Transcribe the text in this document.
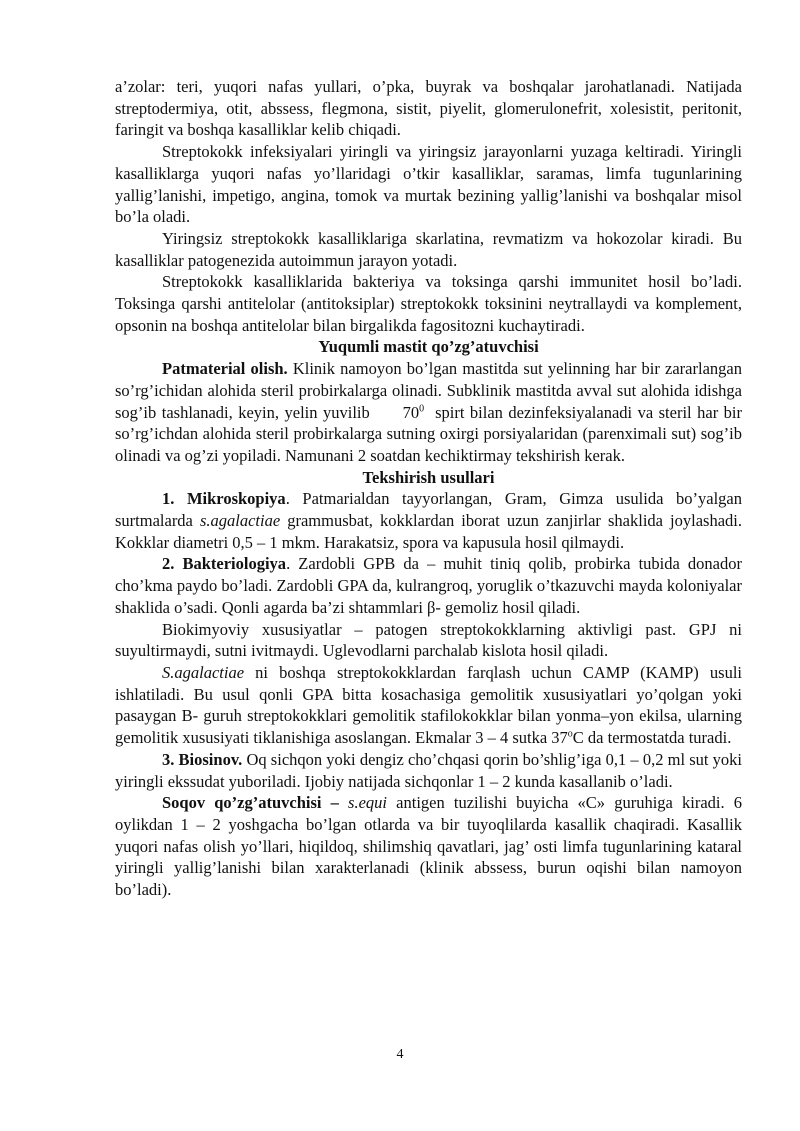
a’zolar: teri, yuqori nafas yullari, o’pka, buyrak va boshqalar jarohatlanadi. Natijada streptodermiya, otit, abssess, flegmona, sistit, piyelit, glomerulonefrit, xolesistit, peritonit, faringit va boshqa kasalliklar kelib chiqadi.

Streptokokk infeksiyalari yiringli va yiringsiz jarayonlarni yuzaga keltiradi. Yiringli kasalliklarga yuqori nafas yo’llaridagi o’tkir kasalliklar, saramas, limfa tugunlarining yallig’lanishi, impetigo, angina, tomok va murtak bezining yallig’lanishi va boshqalar misol bo’la oladi.

Yiringsiz streptokokk kasalliklariga skarlatina, revmatizm va hokozolar kiradi. Bu kasalliklar patogenezida autoimmun jarayon yotadi.

Streptokokk kasalliklarida bakteriya va toksinga qarshi immunitet hosil bo’ladi. Toksinga qarshi antitelolar (antitoksiplar) streptokokk toksinini neytrallaydi va komplement, opsonin na boshqa antitelolar bilan birgalikda fagositozni kuchaytiradi.

Yuqumli mastit qo’zg’atuvchisi

Patmaterial olish. Klinik namoyon bo’lgan mastitda sut yelinning har bir zararlangan so’rg’ichidan alohida steril probirkalarga olinadi. Subklinik mastitda avval sut alohida idishga sog’ib tashlanadi, keyin, yelin yuvilib      $70^0$  spirt bilan dezinfeksiyalanadi va steril har bir so’rg’ichdan alohida steril probirkalarga sutning oxirgi porsiyalaridan (parenximali sut) sog’ib olinadi va og’zi yopiladi. Namunani 2 soatdan kechiktirmay tekshirish kerak.

Tekshirish usullari

1. Mikroskopiya. Patmarialdan tayyorlangan, Gram, Gimza usulida bo’yalgan surtmalarda s.agalactiae grammusbat, kokklardan iborat uzun zanjirlar shaklida joylashadi. Kokklar diametri 0,5 – 1 mkm. Harakatsiz, spora va kapusula hosil qilmaydi.

2. Bakteriologiya. Zardobli GPB da – muhit tiniq qolib, probirka tubida donador cho’kma paydo bo’ladi. Zardobli GPA da, kulrangroq, yoruglik o’tkazuvchi mayda koloniyalar shaklida o’sadi. Qonli agarda ba’zi shtammlari β- gemoliz hosil qiladi.

Biokimyoviy xususiyatlar – patogen streptokokklarning aktivligi past. GPJ ni suyultirmaydi, sutni ivitmaydi. Uglevodlarni parchalab kislota hosil qiladi.

S.agalactiae ni boshqa streptokokklardan farqlash uchun CAMP (KAMP) usuli ishlatiladi. Bu usul qonli GPA bitta kosachasiga gemolitik xususiyatlari yo’qolgan yoki pasaygan B- guruh streptokokklari gemolitik stafilokokklar bilan yonma–yon ekilsa, ularning gemolitik xususiyati tiklanishiga asoslangan. Ekmalar 3 – 4 sutka 37$^o$C da termostatda turadi.

3. Biosinov. Oq sichqon yoki dengiz cho’chqasi qorin bo’shlig’iga 0,1 – 0,2 ml sut yoki yiringli ekssudat yuboriladi. Ijobiy natijada sichqonlar 1 – 2 kunda kasallanib o’ladi.

Soqov qo’zg’atuvchisi – s.equi antigen tuzilishi buyicha «C» guruhiga kiradi. 6 oylikdan 1 – 2 yoshgacha bo’lgan otlarda va bir tuyoqlilarda kasallik chaqiradi. Kasallik yuqori nafas olish yo’llari, hiqildoq, shilimshiq qavatlari, jag’ osti limfa tugunlarining kataral yiringli yallig’lanishi bilan xarakterlanadi (klinik abssess, burun oqishi bilan namoyon bo’ladi).

4
